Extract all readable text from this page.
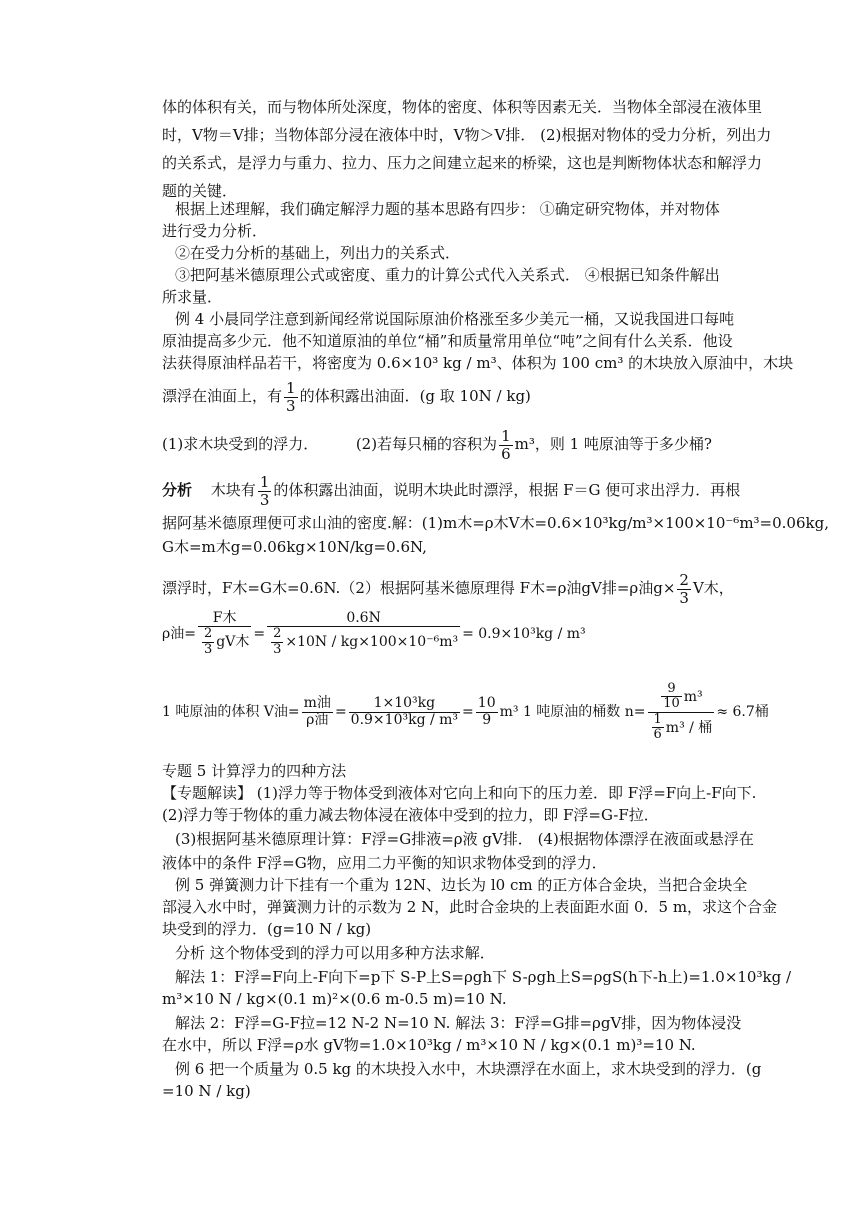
体的体积有关，而与物体所处深度，物体的密度、体积等因素无关．当物体全部浸在液体里
时，V物＝V排；当物体部分浸在液体中时，V物＞V排． (2)根据对物体的受力分析，列出力
的关系式，是浮力与重力、拉力、压力之间建立起来的桥梁，这也是判断物体状态和解浮力
题的关键．
根据上述理解，我们确定解浮力题的基本思路有四步： ①确定研究物体，并对物体
进行受力分析．
②在受力分析的基础上，列出力的关系式．
③把阿基米德原理公式或密度、重力的计算公式代入关系式． ④根据已知条件解出
所求量．
例 4 小晨同学注意到新闻经常说国际原油价格涨至多少美元一桶，又说我国进口每吨
原油提高多少元．他不知道原油的单位“桶”和质量常用单位“吨”之间有什么关系．他设
法获得原油样品若干，将密度为 0.6×10³ kg / m³、体积为 100 cm³ 的木块放入原油中，木块
漂浮在油面上，有 $\frac{1}{3}$ 的体积露出油面．(g 取 10N / kg)
(1)求木块受到的浮力．	(2)若每只桶的容积为 $\frac{1}{6} m^3$，则 1 吨原油等于多少桶?
分析 木块有 $\frac{1}{3}$ 的体积露出油面，说明木块此时漂浮，根据 F＝G 便可求出浮力．再根
据阿基米德原理便可求山油的密度.解：(1)m木=ρ木V木=0.6×10³kg/m³×100×10⁻⁶m³=0.06kg,
G木=m木g=0.06kg×10N/kg=0.6N,
漂浮时，F木=G木=0.6N.（2）根据阿基米德原理得 F木=ρ油gV排=ρ油$g\times \frac{2}{3}$ V木，
ρ油= $\frac{\text{F木}}{\frac{2}{3} gV木} = \frac{0.6N}{\frac{2}{3} \times 10N / kg\times 100\times 10^{-6}m^3} = 0.9\times 10^3kg / m^3$
1 吨原油的体积 V油= $\frac{\text{m油}}{\text{ρ油}} = \frac{\text{1×10³kg}}{\text{0.9×10³kg / m³}} = \frac{10}{9} m^3$ 1 吨原油的桶数 $n= \frac{\frac{9}{10} m^3}{\frac{1}{6} m^3 / 桶} \approx 6.7$桶
专题 5 计算浮力的四种方法
【专题解读】 (1)浮力等于物体受到液体对它向上和向下的压力差．即 F浮=F向上-F向下.
(2)浮力等于物体的重力减去物体浸在液体中受到的拉力，即 F浮=G-F拉．
(3)根据阿基米德原理计算：F浮=G排液=ρ液 gV排． (4)根据物体漂浮在液面或悬浮在
液体中的条件 F浮=G物，应用二力平衡的知识求物体受到的浮力．
例 5 弹簧测力计下挂有一个重为 12N、边长为 l0 cm 的正方体合金块，当把合金块全
部浸入水中时，弹簧测力计的示数为 2 N，此时合金块的上表面距水面 0．5 m，求这个合金
块受到的浮力．(g=10 N / kg)
分析 这个物体受到的浮力可以用多种方法求解．
解法 1：F浮=F向上-F向下=p下 S-P上S=ρgh下 S-ρgh上S=ρgS(h下-h上)=1.0×10³kg /
m³×10 N / kg×(0.1 m)²×(0.6 m-0.5 m)=10 N.
解法 2：F浮=G-F拉=12 N-2 N=10 N. 解法 3：F浮=G排=ρgV排，因为物体浸没
在水中，所以 F浮=ρ水 gV物=1.0×10³kg / m³×10 N / kg×(0.1 m)³=10 N.
例 6 把一个质量为 0.5 kg 的木块投入水中，木块漂浮在水面上，求木块受到的浮力．(g
=10 N / kg)
